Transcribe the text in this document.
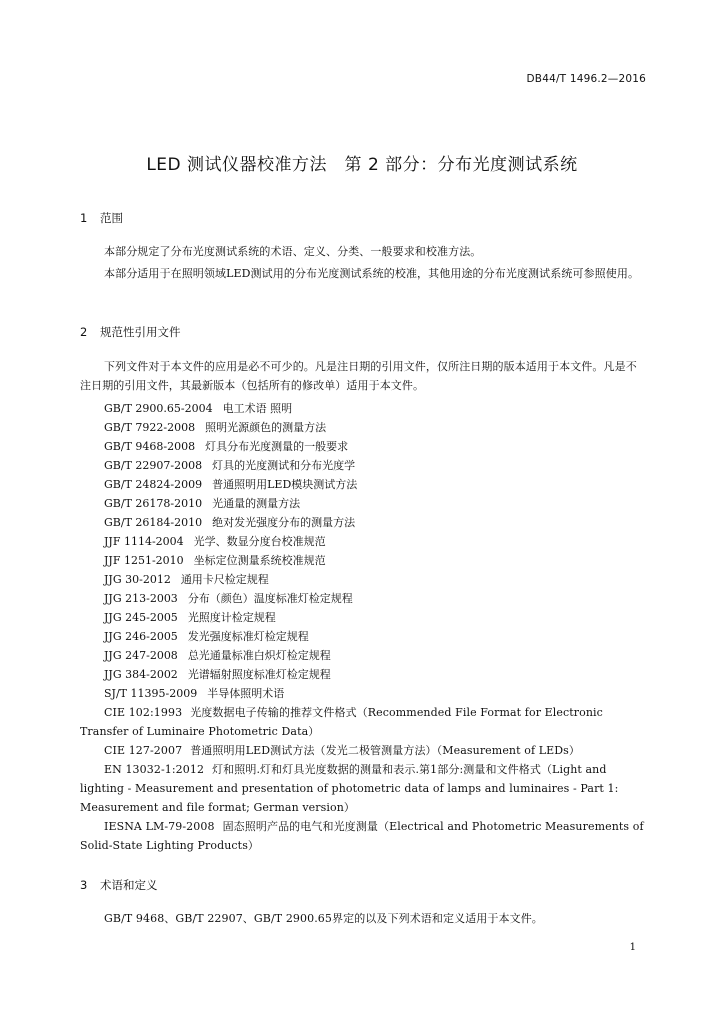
DB44/T 1496.2—2016
LED 测试仪器校准方法　第 2 部分：分布光度测试系统
1 范围
本部分规定了分布光度测试系统的术语、定义、分类、一般要求和校准方法。
本部分适用于在照明领域LED测试用的分布光度测试系统的校准，其他用途的分布光度测试系统可参照使用。
2 规范性引用文件
下列文件对于本文件的应用是必不可少的。凡是注日期的引用文件，仅所注日期的版本适用于本文件。凡是不注日期的引用文件，其最新版本（包括所有的修改单）适用于本文件。
GB/T 2900.65-2004 电工术语 照明
GB/T 7922-2008 照明光源颜色的测量方法
GB/T 9468-2008 灯具分布光度测量的一般要求
GB/T 22907-2008 灯具的光度测试和分布光度学
GB/T 24824-2009 普通照明用LED模块测试方法
GB/T 26178-2010 光通量的测量方法
GB/T 26184-2010 绝对发光强度分布的测量方法
JJF 1114-2004 光学、数显分度台校准规范
JJF 1251-2010 坐标定位测量系统校准规范
JJG 30-2012 通用卡尺检定规程
JJG 213-2003 分布（颜色）温度标准灯检定规程
JJG 245-2005 光照度计检定规程
JJG 246-2005 发光强度标准灯检定规程
JJG 247-2008 总光通量标准白炽灯检定规程
JJG 384-2002 光谱辐射照度标准灯检定规程
SJ/T 11395-2009 半导体照明术语
CIE 102:1993 光度数据电子传输的推荐文件格式（Recommended File Format for Electronic Transfer of Luminaire Photometric Data）
CIE 127-2007 普通照明用LED测试方法（发光二极管测量方法）（Measurement of LEDs）
EN 13032-1:2012 灯和照明.灯和灯具光度数据的测量和表示.第1部分:测量和文件格式（Light and lighting - Measurement and presentation of photometric data of lamps and luminaires - Part 1: Measurement and file format; German version）
IESNA LM-79-2008 固态照明产品的电气和光度测量（Electrical and Photometric Measurements of Solid-State Lighting Products）
3 术语和定义
GB/T 9468、GB/T 22907、GB/T 2900.65界定的以及下列术语和定义适用于本文件。
1
